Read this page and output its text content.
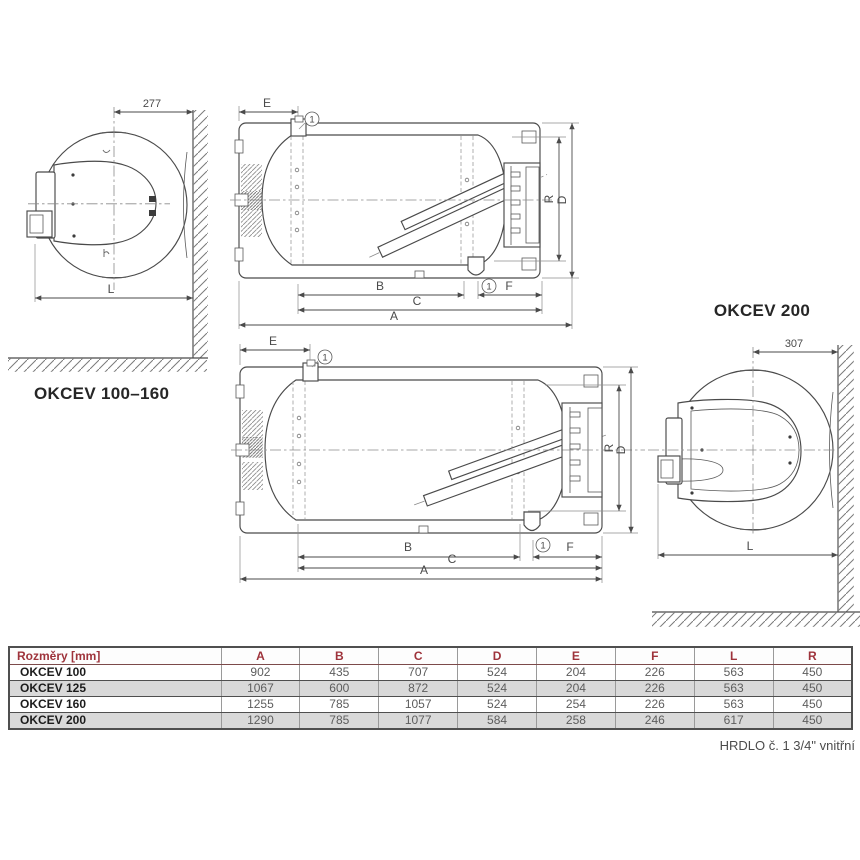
277
L
E
1
R D
B	F
1
C
A
E
1
R
D
B	F
1
C
A
307
L
OKCEV 100–160
OKCEV 200
Rozměry [mm]	A	B	C	D	E	F	L	R
OKCEV 100	902	435	707	524	204	226	563	450
OKCEV 125	1067	600	872	524	204	226	563	450
OKCEV 160	1255	785	1057	524	254	226	563	450
OKCEV 200	1290	785	1077	584	258	246	617	450
HRDLO č. 1 3/4" vnitřní
